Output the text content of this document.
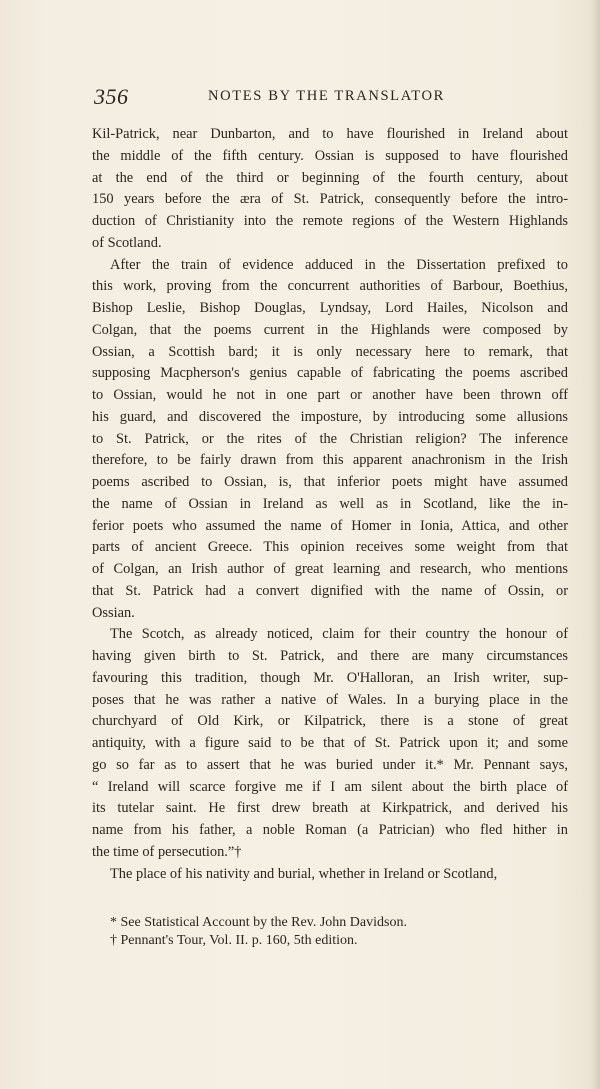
356	NOTES BY THE TRANSLATOR
Kil-Patrick, near Dunbarton, and to have flourished in Ireland about
the middle of the fifth century. Ossian is supposed to have flourished
at the end of the third or beginning of the fourth century, about
150 years before the æra of St. Patrick, consequently before the intro-
duction of Christianity into the remote regions of the Western Highlands
of Scotland.
After the train of evidence adduced in the Dissertation prefixed to
this work, proving from the concurrent authorities of Barbour, Boethius,
Bishop Leslie, Bishop Douglas, Lyndsay, Lord Hailes, Nicolson and
Colgan, that the poems current in the Highlands were composed by
Ossian, a Scottish bard; it is only necessary here to remark, that
supposing Macpherson's genius capable of fabricating the poems ascribed
to Ossian, would he not in one part or another have been thrown off
his guard, and discovered the imposture, by introducing some allusions
to St. Patrick, or the rites of the Christian religion? The inference
therefore, to be fairly drawn from this apparent anachronism in the Irish
poems ascribed to Ossian, is, that inferior poets might have assumed
the name of Ossian in Ireland as well as in Scotland, like the in-
ferior poets who assumed the name of Homer in Ionia, Attica, and other
parts of ancient Greece. This opinion receives some weight from that
of Colgan, an Irish author of great learning and research, who mentions
that St. Patrick had a convert dignified with the name of Ossin, or
Ossian.
The Scotch, as already noticed, claim for their country the honour of
having given birth to St. Patrick, and there are many circumstances
favouring this tradition, though Mr. O'Halloran, an Irish writer, sup-
poses that he was rather a native of Wales. In a burying place in the
churchyard of Old Kirk, or Kilpatrick, there is a stone of great
antiquity, with a figure said to be that of St. Patrick upon it; and some
go so far as to assert that he was buried under it.* Mr. Pennant says,
“ Ireland will scarce forgive me if I am silent about the birth place of
its tutelar saint. He first drew breath at Kirkpatrick, and derived his
name from his father, a noble Roman (a Patrician) who fled hither in
the time of persecution.”†
The place of his nativity and burial, whether in Ireland or Scotland,
* See Statistical Account by the Rev. John Davidson.
† Pennant's Tour, Vol. II. p. 160, 5th edition.
